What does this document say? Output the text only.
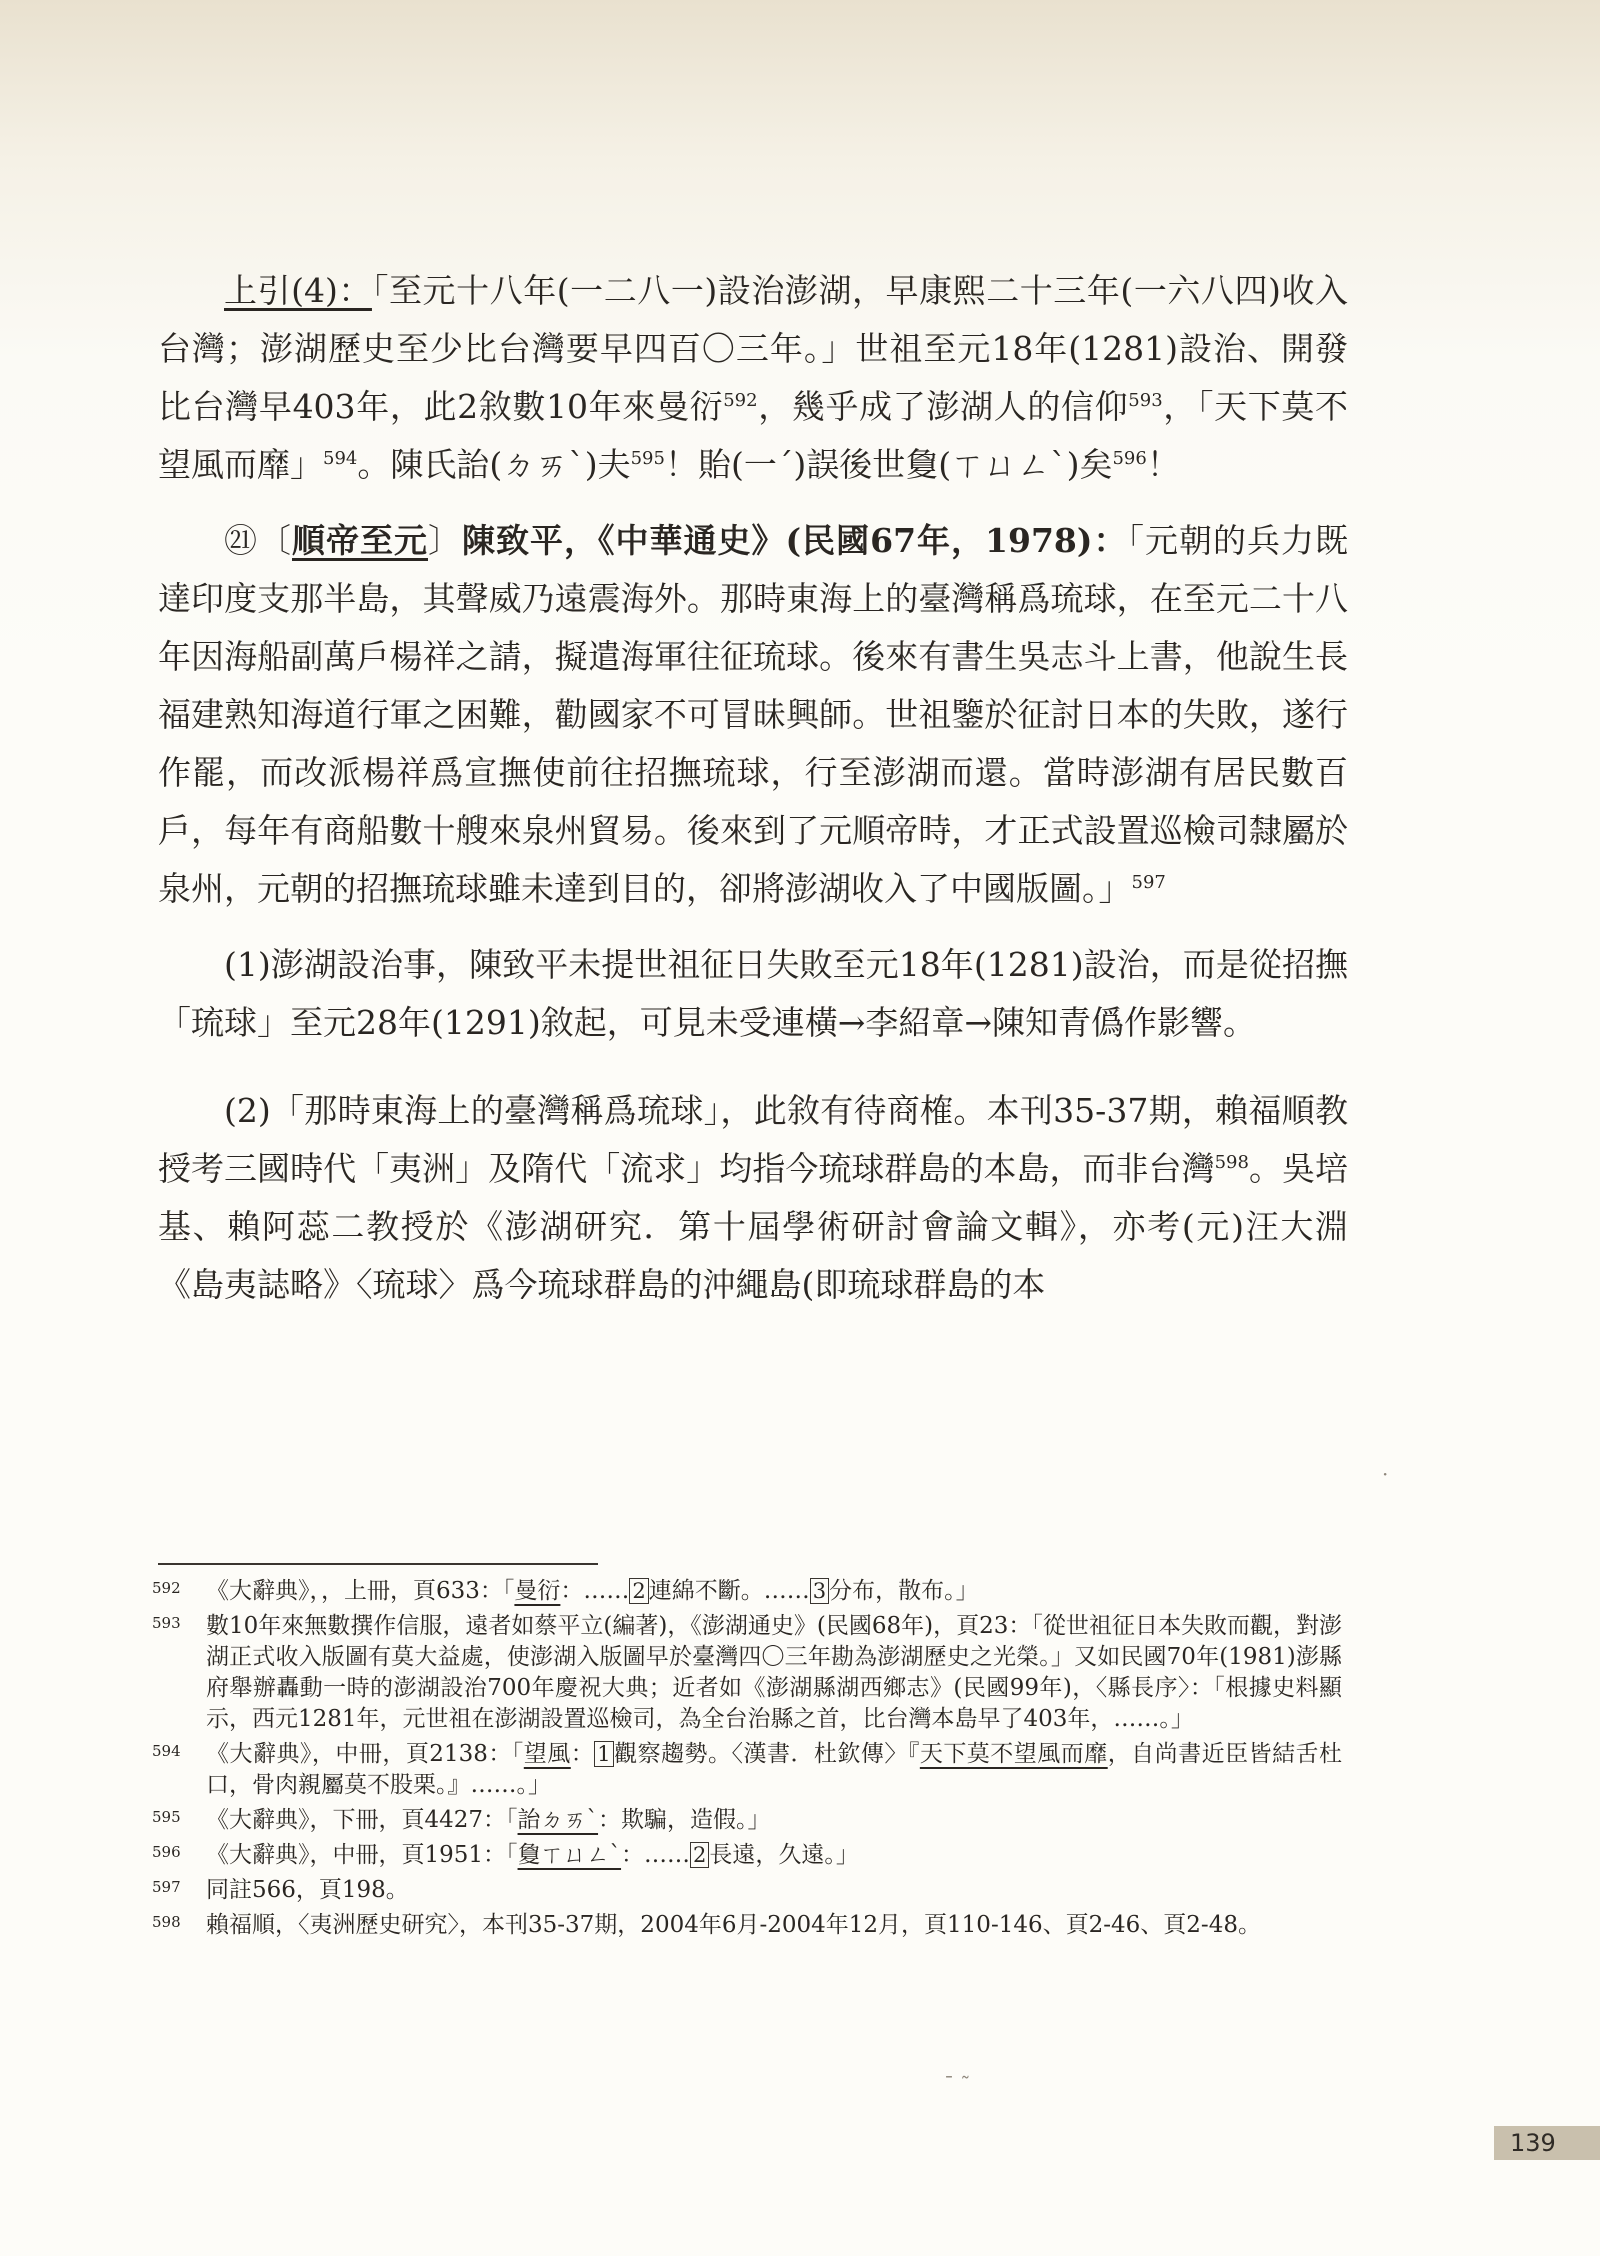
上引(4)：「至元十八年(一二八一)設治澎湖，早康熙二十三年(一六八四)收入台灣；澎湖歷史至少比台灣要早四百〇三年。」世祖至元18年(1281)設治、開發比台灣早403年，此2敘數10年來曼衍$^{592}$，幾乎成了澎湖人的信仰$^{593}$，「天下莫不望風而靡」$^{594}$。陳氏詒(ㄉㄞˋ)夫$^{595}$！貽(一ˊ)誤後世敻(ㄒㄩㄥˋ)矣$^{596}$！

㉑〔順帝至元〕陳致平，《中華通史》(民國67年，1978)：「元朝的兵力既達印度支那半島，其聲威乃遠震海外。那時東海上的臺灣稱爲琉球，在至元二十八年因海船副萬戶楊祥之請，擬遣海軍往征琉球。後來有書生吳志斗上書，他說生長福建熟知海道行軍之困難，勸國家不可冒昧興師。世祖鑒於征討日本的失敗，遂行作罷，而改派楊祥爲宣撫使前往招撫琉球，行至澎湖而還。當時澎湖有居民數百戶，每年有商船數十艘來泉州貿易。後來到了元順帝時，才正式設置巡檢司隸屬於泉州，元朝的招撫琉球雖未達到目的，卻將澎湖收入了中國版圖。」$^{597}$

(1)澎湖設治事，陳致平未提世祖征日失敗至元18年(1281)設治，而是從招撫「琉球」至元28年(1291)敘起，可見未受連橫→李紹章→陳知青僞作影響。

(2)「那時東海上的臺灣稱爲琉球」，此敘有待商榷。本刊35-37期，賴福順教授考三國時代「夷洲」及隋代「流求」均指今琉球群島的本島，而非台灣$^{598}$。吳培基、賴阿蕊二教授於《澎湖研究．第十屆學術研討會論文輯》，亦考(元)汪大淵《島夷誌略》〈琉球〉爲今琉球群島的沖繩島(即琉球群島的本

·
592	《大辭典》，，上冊，頁633：「曼衍：…… 2 連綿不斷。…… 3 分布，散布。」
593	數10年來無數撰作信服，遠者如蔡平立(編著)，《澎湖通史》(民國68年)，頁23：「從世祖征日本失敗而觀，對澎湖正式收入版圖有莫大益處，使澎湖入版圖早於臺灣四〇三年勘為澎湖歷史之光榮。」又如民國70年(1981)澎縣府舉辦轟動一時的澎湖設治700年慶祝大典；近者如《澎湖縣湖西鄉志》(民國99年)，〈縣長序〉：「根據史料顯示，西元1281年，元世祖在澎湖設置巡檢司，為全台治縣之首，比台灣本島早了403年，……。」
594	《大辭典》，中冊，頁2138：「望風： 1 觀察趨勢。〈漢書．杜欽傳〉『天下莫不望風而靡，自尚書近臣皆結舌杜口，骨肉親屬莫不股栗。』……。」
595	《大辭典》，下冊，頁4427：「詒ㄉㄞˋ：欺騙，造假。」
596	《大辭典》，中冊，頁1951：「敻ㄒㄩㄥˋ：…… 2 長遠，久遠。」
597	同註566，頁198。
598	賴福順，〈夷洲歷史研究〉，本刊35-37期，2004年6月-2004年12月，頁110-146、頁2-46、頁2-48。
ˉ ˜
139
